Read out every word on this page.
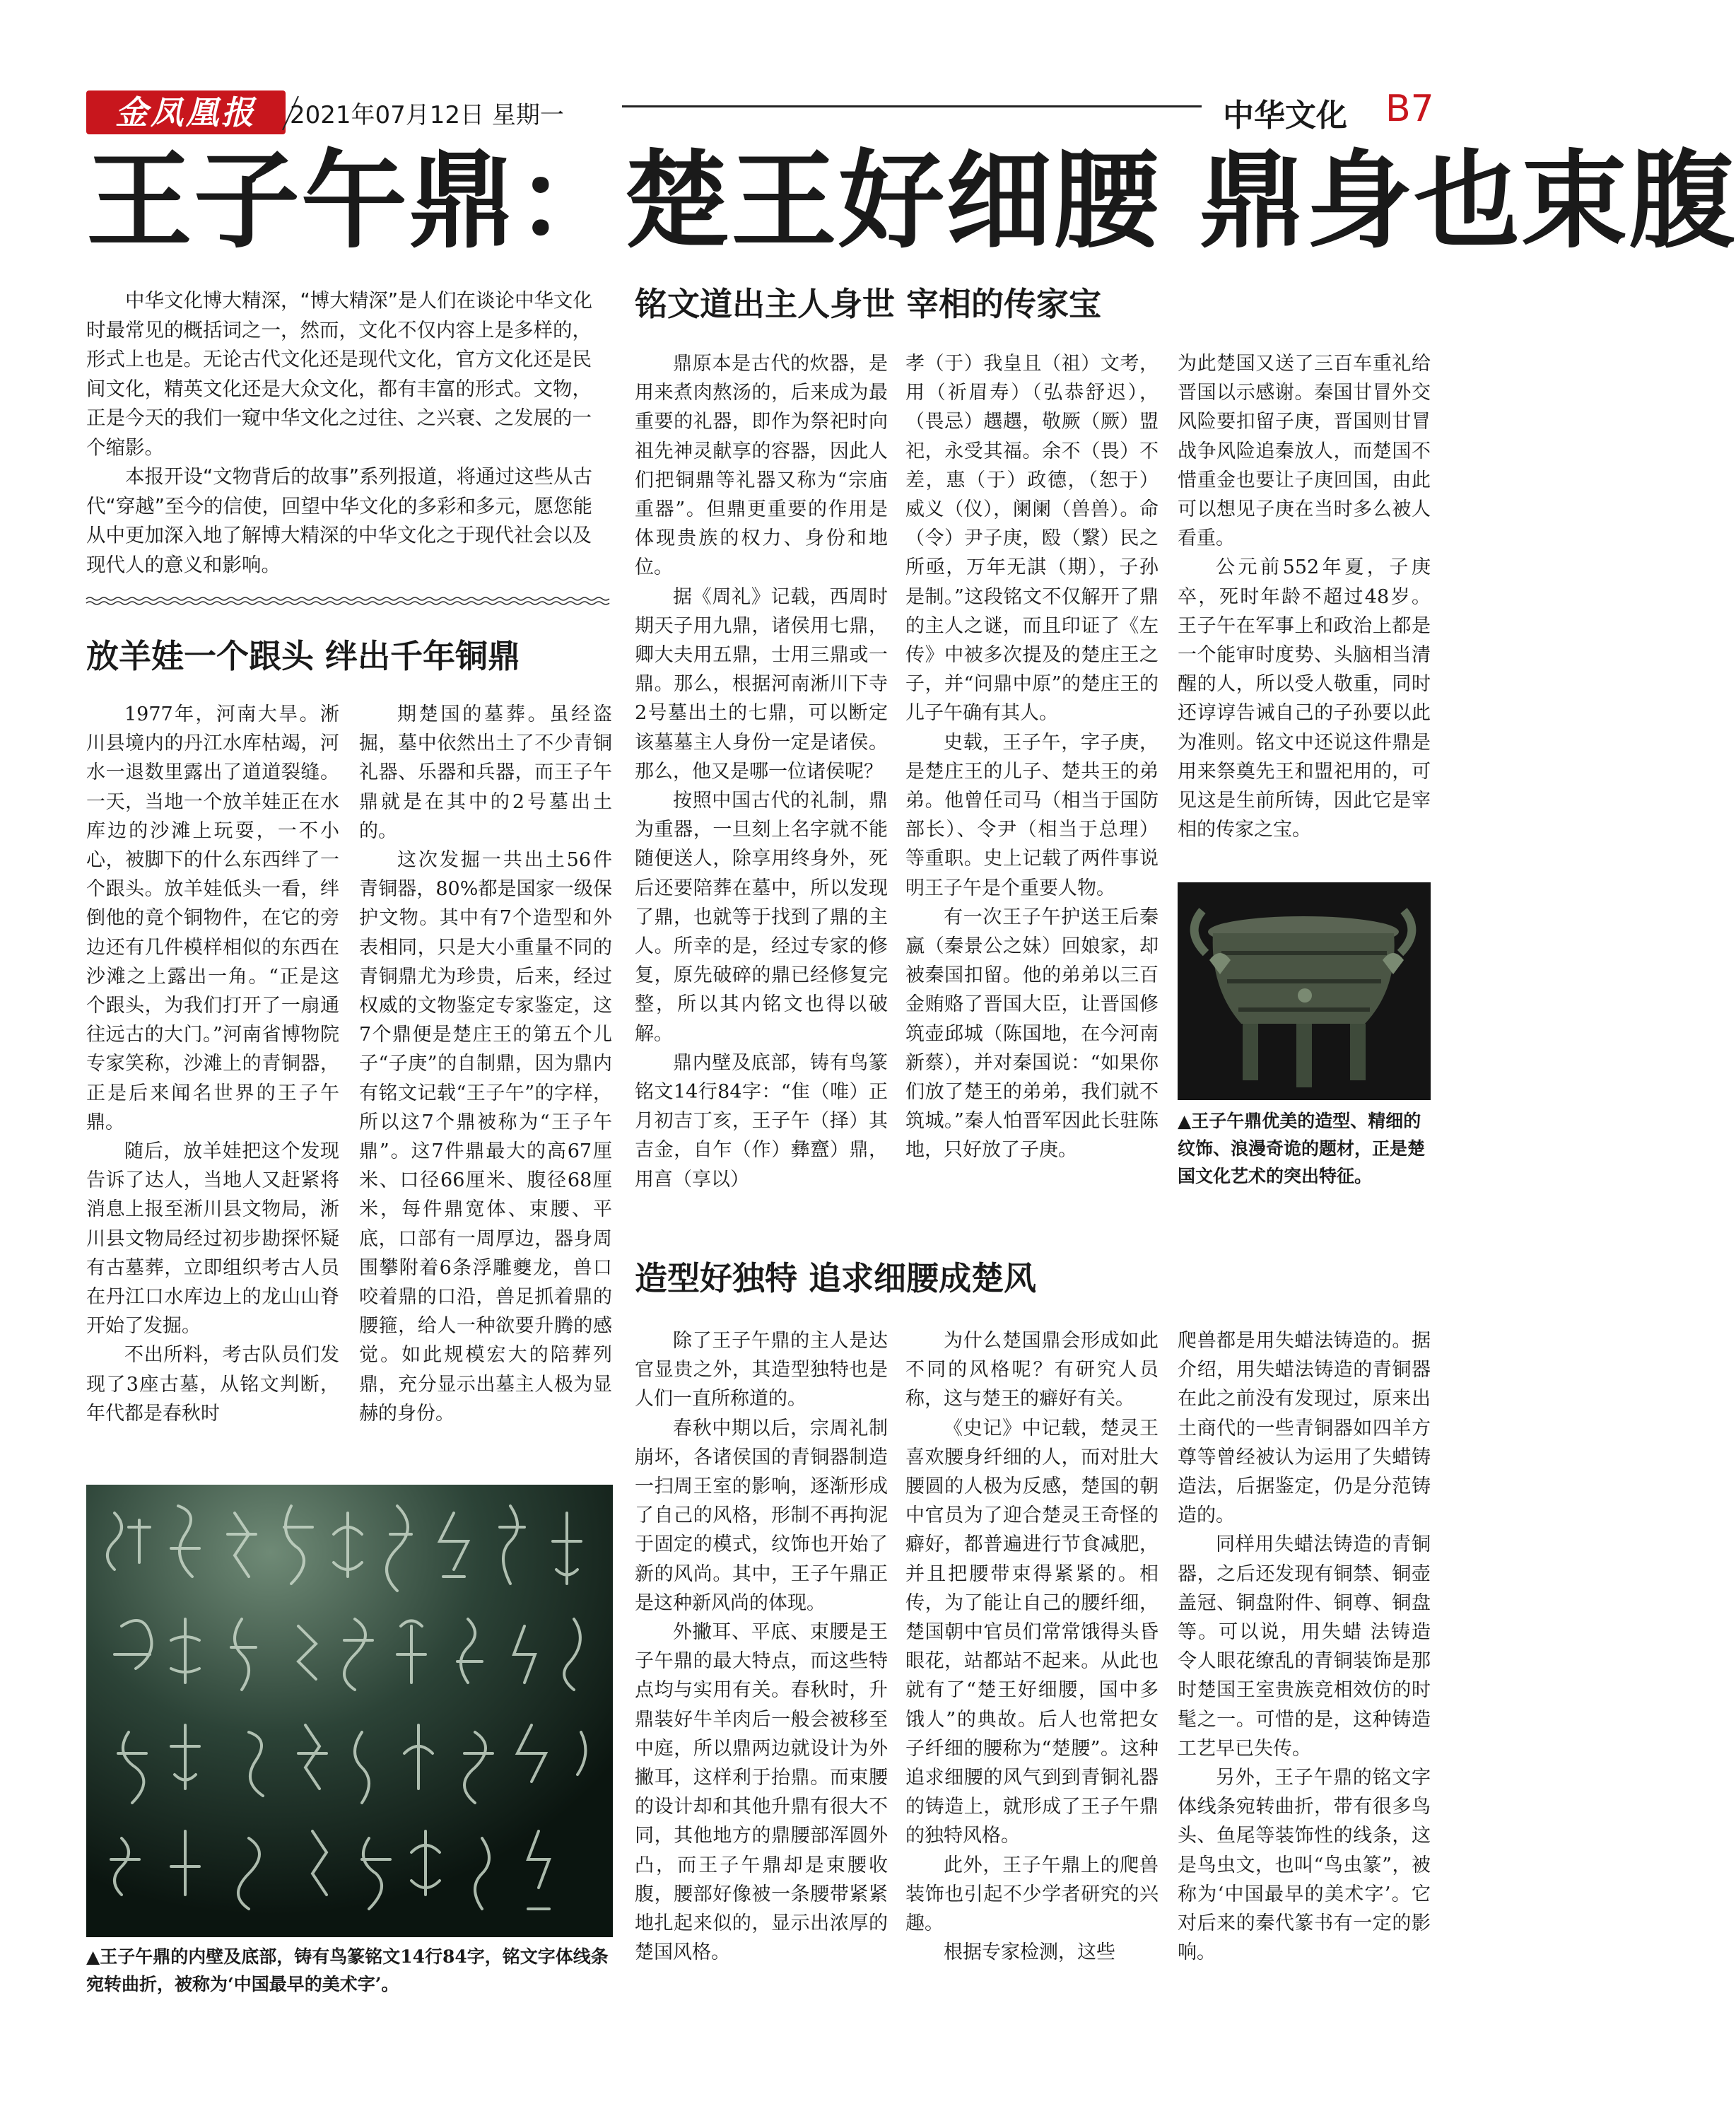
金凤凰报	2021年07月12日 星期一	中华文化 B7
王子午鼎：楚王好细腰 鼎身也束腹

中华文化博大精深，“博大精深”是人们在谈论中华文化时最常见的概括词之一，然而，文化不仅内容上是多样的，形式上也是。无论古代文化还是现代文化，官方文化还是民间文化，精英文化还是大众文化，都有丰富的形式。文物，正是今天的我们一窥中华文化之过往、之兴衰、之发展的一个缩影。

本报开设“文物背后的故事”系列报道，将通过这些从古代“穿越”至今的信使，回望中华文化的多彩和多元，愿您能从中更加深入地了解博大精深的中华文化之于现代社会以及现代人的意义和影响。

放羊娃一个跟头 绊出千年铜鼎

1977年，河南大旱。淅川县境内的丹江水库枯竭，河水一退数里露出了道道裂缝。一天，当地一个放羊娃正在水库边的沙滩上玩耍，一不小心，被脚下的什么东西绊了一个跟头。放羊娃低头一看，绊倒他的竟个铜物件，在它的旁边还有几件模样相似的东西在沙滩之上露出一角。“正是这个跟头，为我们打开了一扇通往远古的大门。”河南省博物院专家笑称，沙滩上的青铜器，正是后来闻名世界的王子午鼎。

随后，放羊娃把这个发现告诉了达人，当地人又赶紧将消息上报至淅川县文物局，淅川县文物局经过初步勘探怀疑有古墓葬，立即组织考古人员在丹江口水库边上的龙山山脊开始了发掘。

不出所料，考古队员们发现了3座古墓，从铭文判断，年代都是春秋时

期楚国的墓葬。虽经盗掘，墓中依然出土了不少青铜礼器、乐器和兵器，而王子午鼎就是在其中的2号墓出土的。

这次发掘一共出土56件青铜器，80%都是国家一级保护文物。其中有7个造型和外表相同，只是大小重量不同的青铜鼎尤为珍贵，后来，经过权威的文物鉴定专家鉴定，这7个鼎便是楚庄王的第五个儿子“子庚”的自制鼎，因为鼎内有铭文记载“王子午”的字样，所以这7个鼎被称为“王子午鼎”。这7件鼎最大的高67厘米、口径66厘米、腹径68厘米，每件鼎宽体、束腰、平底，口部有一周厚边，器身周围攀附着6条浮雕夔龙，兽口咬着鼎的口沿，兽足抓着鼎的腰箍，给人一种欲要升腾的感觉。如此规模宏大的陪葬列鼎，充分显示出墓主人极为显赫的身份。

▲王子午鼎的内壁及底部，铸有鸟篆铭文14行84字，铭文字体线条宛转曲折，被称为‘中国最早的美术字’。
铭文道出主人身世 宰相的传家宝

鼎原本是古代的炊器，是用来煮肉熬汤的，后来成为最重要的礼器，即作为祭祀时向祖先神灵献享的容器，因此人们把铜鼎等礼器又称为“宗庙重器”。但鼎更重要的作用是体现贵族的权力、身份和地位。

据《周礼》记载，西周时期天子用九鼎，诸侯用七鼎，卿大夫用五鼎，士用三鼎或一鼎。那么，根据河南淅川下寺2号墓出土的七鼎，可以断定该墓墓主人身份一定是诸侯。那么，他又是哪一位诸侯呢？

按照中国古代的礼制，鼎为重器，一旦刻上名字就不能随便送人，除享用终身外，死后还要陪葬在墓中，所以发现了鼎，也就等于找到了鼎的主人。所幸的是，经过专家的修复，原先破碎的鼎已经修复完整，所以其内铭文也得以破解。

鼎内壁及底部，铸有鸟篆铭文14行84字：“隹（唯）正月初吉丁亥，王子午（择）其吉金，自乍（作）彝齍）鼎，用亯（享以）

孝（于）我皇且（祖）文考，用（祈眉寿）（弘恭舒迟），（畏忌）趩趩，敬厥（厥）盟祀，永受其福。余不（畏）不差，惠（于）政德，（恕于）威义（仪），阑阑（兽兽）。命（令）尹子庚，殹（繄）民之所亟，万年无諆（期），子孙是制。”这段铭文不仅解开了鼎的主人之谜，而且印证了《左传》中被多次提及的楚庄王之子，并“问鼎中原”的楚庄王的儿子午确有其人。

史载，王子午，字子庚，是楚庄王的儿子、楚共王的弟弟。他曾任司马（相当于国防部长）、令尹（相当于总理）等重职。史上记载了两件事说明王子午是个重要人物。

有一次王子午护送王后秦嬴（秦景公之妹）回娘家，却被秦国扣留。他的弟弟以三百金贿赂了晋国大臣，让晋国修筑壶邱城（陈国地，在今河南新蔡），并对秦国说：“如果你们放了楚王的弟弟，我们就不筑城。”秦人怕晋军因此长驻陈地，只好放了子庚。

为此楚国又送了三百车重礼给晋国以示感谢。秦国甘冒外交风险要扣留子庚，晋国则甘冒战争风险追秦放人，而楚国不惜重金也要让子庚回国，由此可以想见子庚在当时多么被人看重。

公元前552年夏，子庚卒，死时年龄不超过48岁。王子午在军事上和政治上都是一个能审时度势、头脑相当清醒的人，所以受人敬重，同时还谆谆告诫自己的子孙要以此为准则。铭文中还说这件鼎是用来祭奠先王和盟祀用的，可见这是生前所铸，因此它是宰相的传家之宝。

▲王子午鼎优美的造型、精细的纹饰、浪漫奇诡的题材，正是楚国文化艺术的突出特征。
造型好独特 追求细腰成楚风

除了王子午鼎的主人是达官显贵之外，其造型独特也是人们一直所称道的。

春秋中期以后，宗周礼制崩坏，各诸侯国的青铜器制造一扫周王室的影响，逐渐形成了自己的风格，形制不再拘泥于固定的模式，纹饰也开始了新的风尚。其中，王子午鼎正是这种新风尚的体现。

外撇耳、平底、束腰是王子午鼎的最大特点，而这些特点均与实用有关。春秋时，升鼎装好牛羊肉后一般会被移至中庭，所以鼎两边就设计为外撇耳，这样利于抬鼎。而束腰的设计却和其他升鼎有很大不同，其他地方的鼎腰部浑圆外凸，而王子午鼎却是束腰收腹，腰部好像被一条腰带紧紧地扎起来似的，显示出浓厚的楚国风格。

为什么楚国鼎会形成如此不同的风格呢？有研究人员称，这与楚王的癖好有关。

《史记》中记载，楚灵王喜欢腰身纤细的人，而对肚大腰圆的人极为反感，楚国的朝中官员为了迎合楚灵王奇怪的癖好，都普遍进行节食减肥，并且把腰带束得紧紧的。相传，为了能让自己的腰纤细，楚国朝中官员们常常饿得头昏眼花，站都站不起来。从此也就有了“楚王好细腰，国中多饿人”的典故。后人也常把女子纤细的腰称为“楚腰”。这种追求细腰的风气到到青铜礼器的铸造上，就形成了王子午鼎的独特风格。

此外，王子午鼎上的爬兽装饰也引起不少学者研究的兴趣。

根据专家检测，这些

爬兽都是用失蜡法铸造的。据介绍，用失蜡法铸造的青铜器在此之前没有发现过，原来出土商代的一些青铜器如四羊方尊等曾经被认为运用了失蜡铸造法，后据鉴定，仍是分范铸造的。

同样用失蜡法铸造的青铜器，之后还发现有铜禁、铜壶盖冠、铜盘附件、铜尊、铜盘等。可以说，用失蜡 法铸造令人眼花缭乱的青铜装饰是那时楚国王室贵族竞相效仿的时髦之一。可惜的是，这种铸造工艺早已失传。

另外，王子午鼎的铭文字体线条宛转曲折，带有很多鸟头、鱼尾等装饰性的线条，这是鸟虫文，也叫“鸟虫篆”，被称为‘中国最早的美术字’。它对后来的秦代篆书有一定的影响。
